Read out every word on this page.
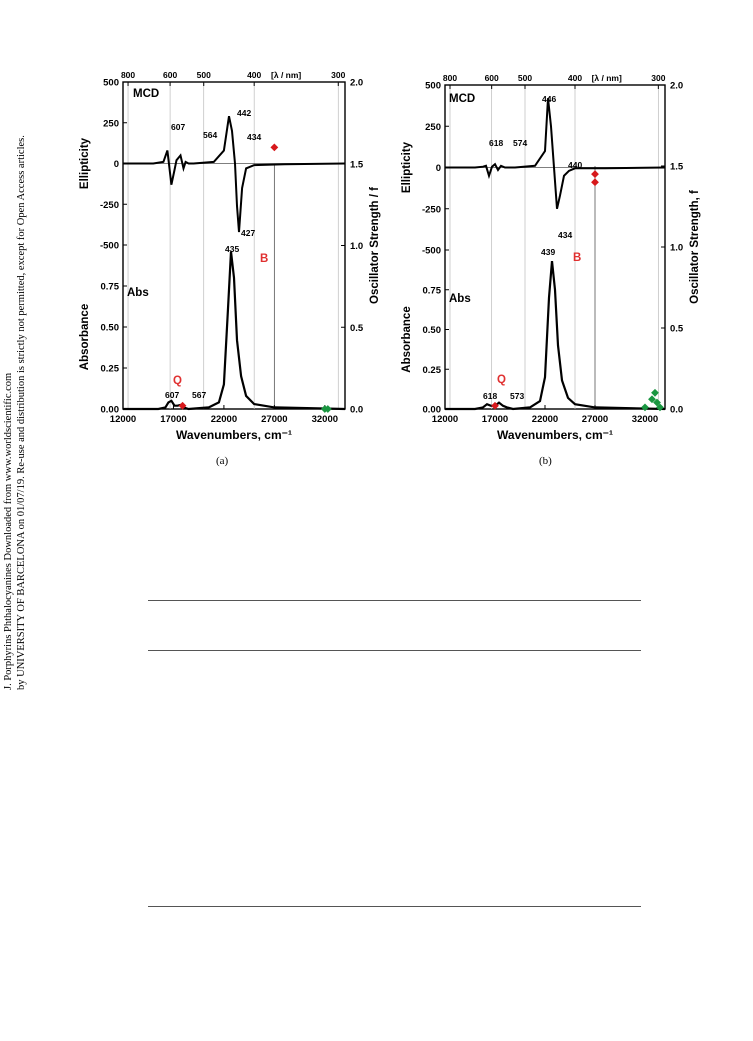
J. Porphyrins Phthalocyanines Downloaded from www.worldscientific.com by UNIVERSITY OF BARCELONA on 01/07/19. Re-use and distribution is strictly not permitted, except for Open Access articles.
800	600 500	400	300
[λ / nm]
12000	17000	22000	27000	32000
Wavenumbers, cm⁻¹
500
250
0
-250
-500
0.00
0.25
0.50
0.75
2.0
1.5
1.0
0.5
0.0
Ellipticity
Absorbance
Oscillator Strength / f
MCD
Abs
607
564
442
434
427
607 567
435
Q
B
(a)
800	600 500	400	300
[λ / nm]
12000 17000 22000 27000 32000
Wavenumbers, cm⁻¹
500
250
0
-250
-500
0.00
0.25
0.50
0.75
2.0
1.5
1.0
0.5
0.0
Ellipticity
Absorbance
Oscillator Strength, f
MCD
Abs
618 574
446
440
434
618 573
439
Q
B
(b)
